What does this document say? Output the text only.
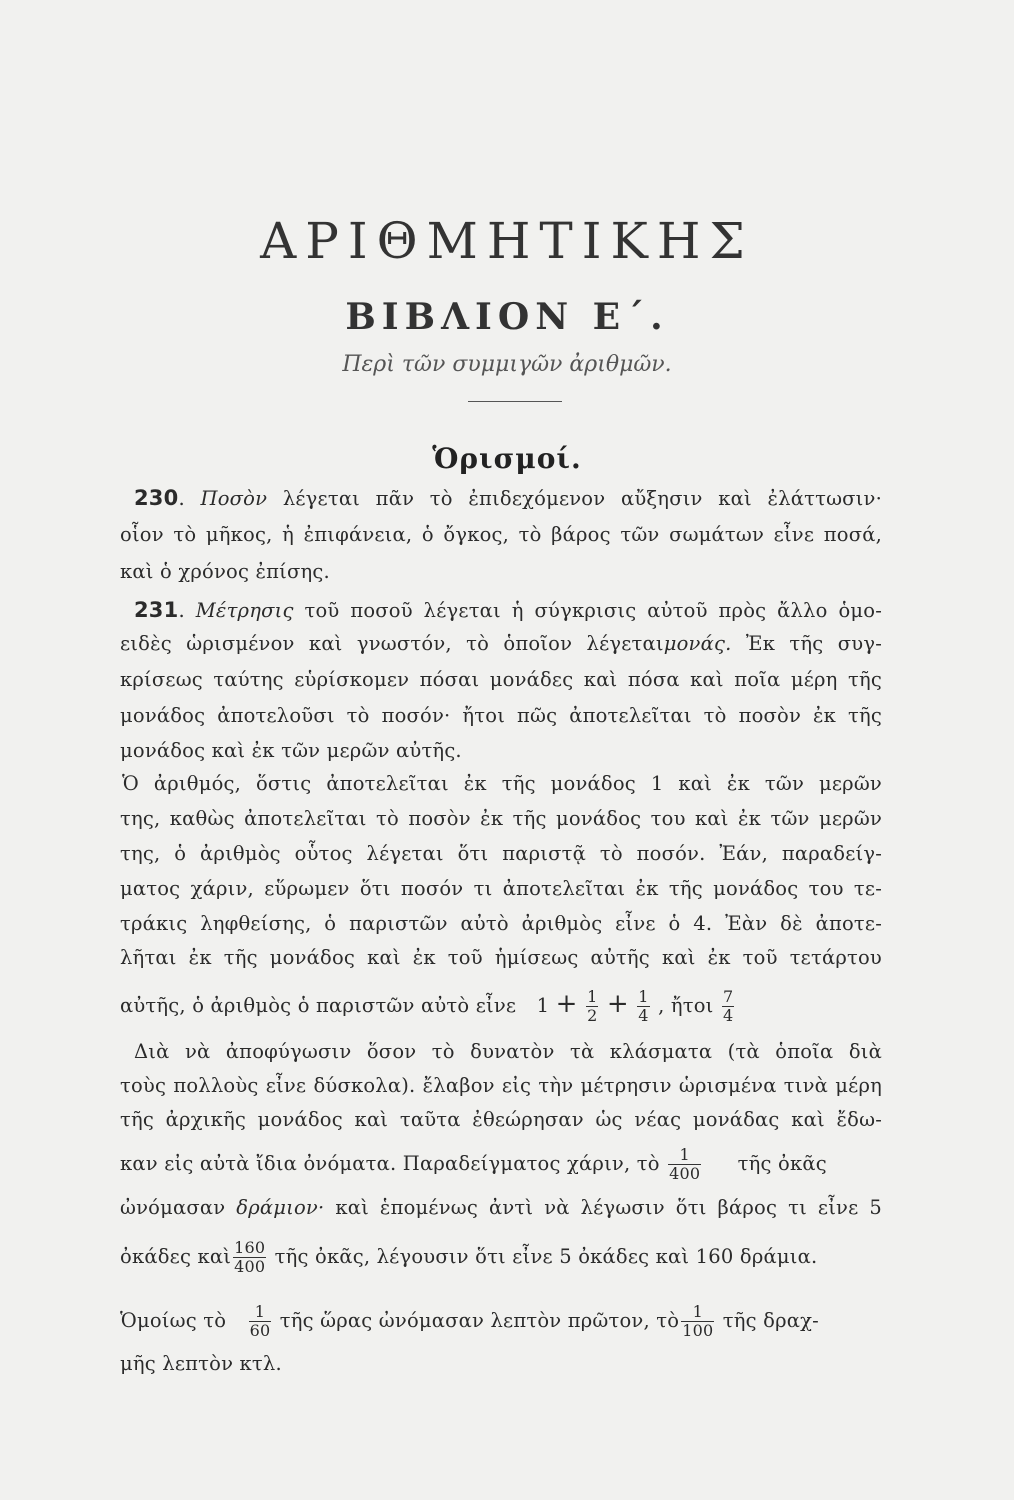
ΑΡΙΘΜΗΤΙΚΗΣ
ΒΙΒΛΙΟΝ Ε΄.
Περὶ τῶν συμμιγῶν ἀριθμῶν.
Ὁρισμοί.
230. Ποσὸν λέγεται πᾶν τὸ ἐπιδεχόμενον αὔξησιν καὶ ἐλάττωσιν·
οἷον τὸ μῆκος, ἡ ἐπιφάνεια, ὁ ὄγκος, τὸ βάρος τῶν σωμάτων εἶνε ποσά,
καὶ ὁ χρόνος ἐπίσης.
231. Μέτρησις τοῦ ποσοῦ λέγεται ἡ σύγκρισις αὐτοῦ πρὸς ἄλλο ὁμο-
ειδὲς ὡρισμένον καὶ γνωστόν, τὸ ὁποῖον λέγεταιμονάς. Ἐκ τῆς συγ-
κρίσεως ταύτης εὑρίσκομεν πόσαι μονάδες καὶ πόσα καὶ ποῖα μέρη τῆς
μονάδος ἀποτελοῦσι τὸ ποσόν· ἤτοι πῶς ἀποτελεῖται τὸ ποσὸν ἐκ τῆς
μονάδος καὶ ἐκ τῶν μερῶν αὐτῆς.
Ὁ ἀριθμός, ὅστις ἀποτελεῖται ἐκ τῆς μονάδος 1 καὶ ἐκ τῶν μερῶν
της, καθὼς ἀποτελεῖται τὸ ποσὸν ἐκ τῆς μονάδος του καὶ ἐκ τῶν μερῶν
της, ὁ ἀριθμὸς οὗτος λέγεται ὅτι παριστᾷ τὸ ποσόν. Ἐάν, παραδείγ-
ματος χάριν, εὕρωμεν ὅτι ποσόν τι ἀποτελεῖται ἐκ τῆς μονάδος του τε-
τράκις ληφθείσης, ὁ παριστῶν αὐτὸ ἀριθμὸς εἶνε ὁ 4. Ἐὰν δὲ ἀποτε-
λῆται ἐκ τῆς μονάδος καὶ ἐκ τοῦ ἡμίσεως αὐτῆς καὶ ἐκ τοῦ τετάρτου
αὐτῆς, ὁ ἀριθμὸς ὁ παριστῶν αὐτὸ εἶνε $1 + \frac{1}{2} + \frac{1}{4}$ , ἤτοι $\frac{7}{4}$
Διὰ νὰ ἀποφύγωσιν ὅσον τὸ δυνατὸν τὰ κλάσματα (τὰ ὁποῖα διὰ
τοὺς πολλοὺς εἶνε δύσκολα). ἔλαβον εἰς τὴν μέτρησιν ὡρισμένα τινὰ μέρη
τῆς ἀρχικῆς μονάδος καὶ ταῦτα ἐθεώρησαν ὡς νέας μονάδας καὶ ἔδω-
καν εἰς αὐτὰ ἴδια ὀνόματα. Παραδείγματος χάριν, τὸ $\frac{1}{400}$ τῆς ὀκᾶς
ὠνόμασαν δράμιον· καὶ ἑπομένως ἀντὶ νὰ λέγωσιν ὅτι βάρος τι εἶνε 5
ὀκάδες καὶ $\frac{160}{400}$ τῆς ὀκᾶς, λέγουσιν ὅτι εἶνε 5 ὀκάδες καὶ 160 δράμια.
Ὁμοίως τὸ $\frac{1}{60}$ τῆς ὥρας ὠνόμασαν λεπτὸν πρῶτον, τὸ $\frac{1}{100}$ τῆς δραχ-
μῆς λεπτὸν κτλ.
